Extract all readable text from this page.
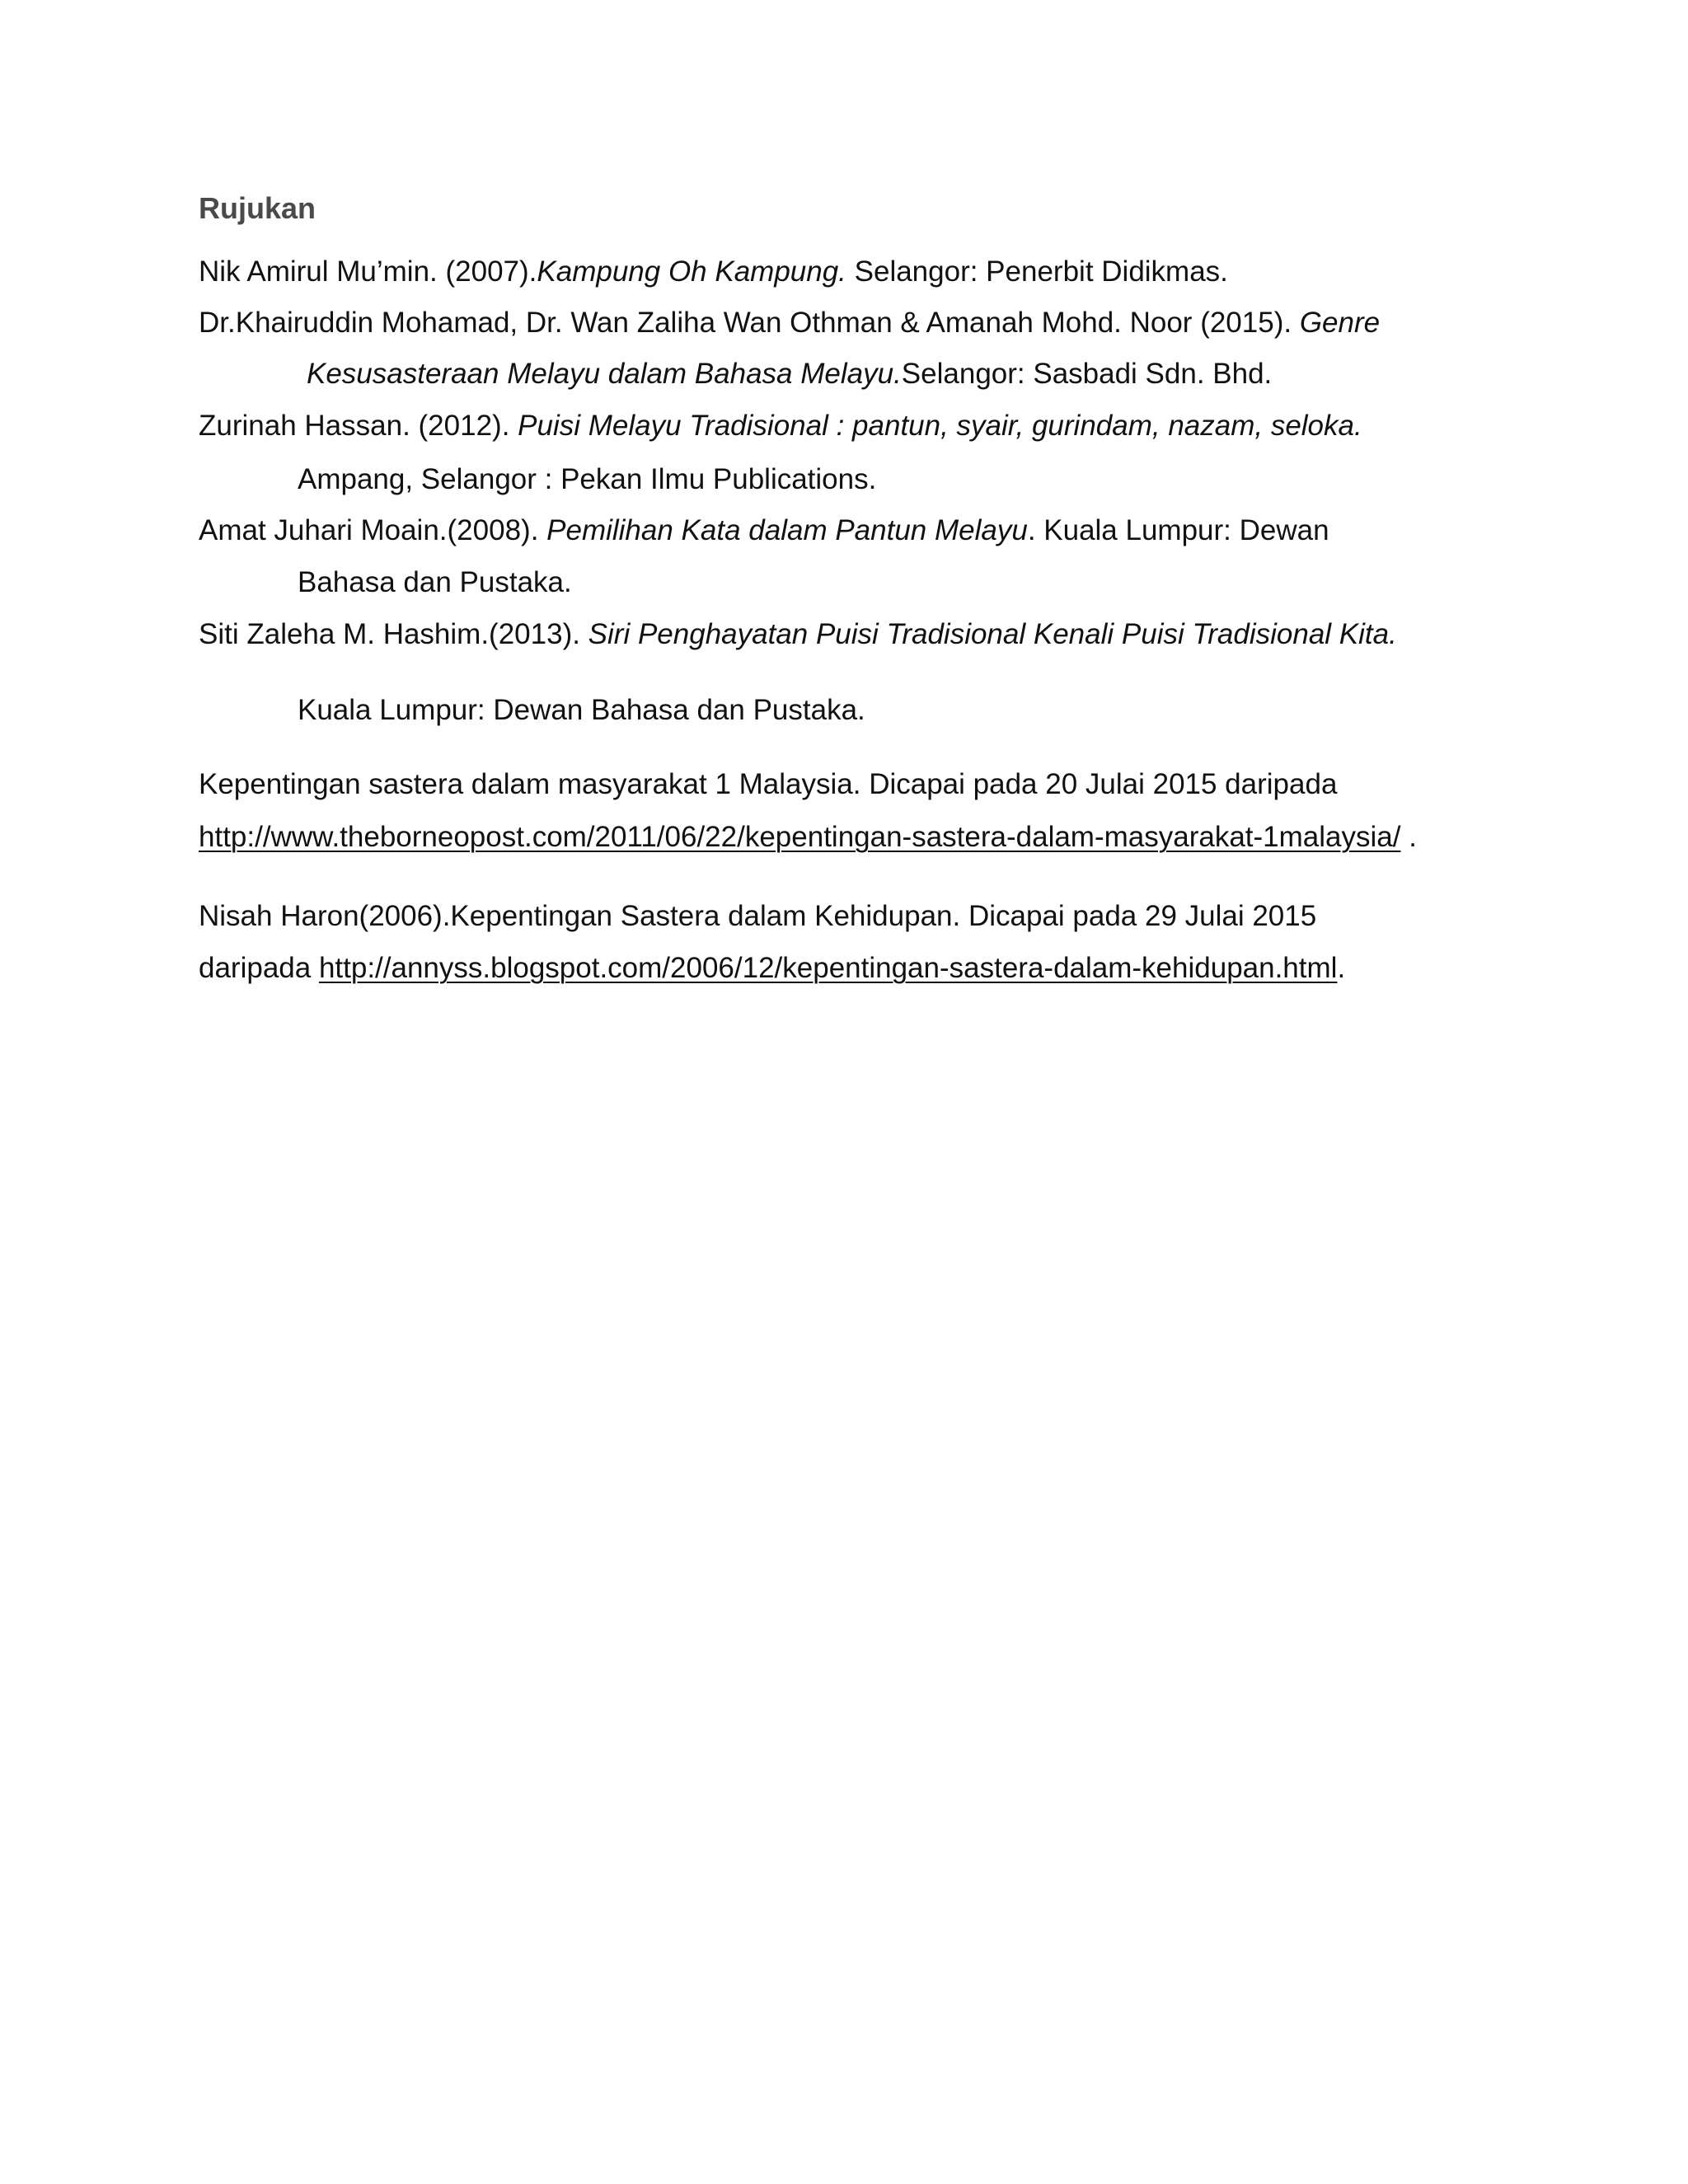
Rujukan

Nik Amirul Mu’min. (2007).Kampung Oh Kampung. Selangor: Penerbit Didikmas.

Dr.Khairuddin Mohamad, Dr. Wan Zaliha Wan Othman & Amanah Mohd. Noor (2015). Genre

Kesusasteraan Melayu dalam Bahasa Melayu.Selangor: Sasbadi Sdn. Bhd.

Zurinah Hassan. (2012). Puisi Melayu Tradisional : pantun, syair, gurindam, nazam, seloka.

Ampang, Selangor : Pekan Ilmu Publications.

Amat Juhari Moain.(2008). Pemilihan Kata dalam Pantun Melayu. Kuala Lumpur: Dewan

Bahasa dan Pustaka.

Siti Zaleha M. Hashim.(2013). Siri Penghayatan Puisi Tradisional Kenali Puisi Tradisional Kita.

Kuala Lumpur: Dewan Bahasa dan Pustaka.

Kepentingan sastera dalam masyarakat 1 Malaysia. Dicapai pada 20 Julai 2015 daripada

http://www.theborneopost.com/2011/06/22/kepentingan-sastera-dalam-masyarakat-1malaysia/ .

Nisah Haron(2006).Kepentingan Sastera dalam Kehidupan. Dicapai pada 29 Julai 2015

daripada http://annyss.blogspot.com/2006/12/kepentingan-sastera-dalam-kehidupan.html.
